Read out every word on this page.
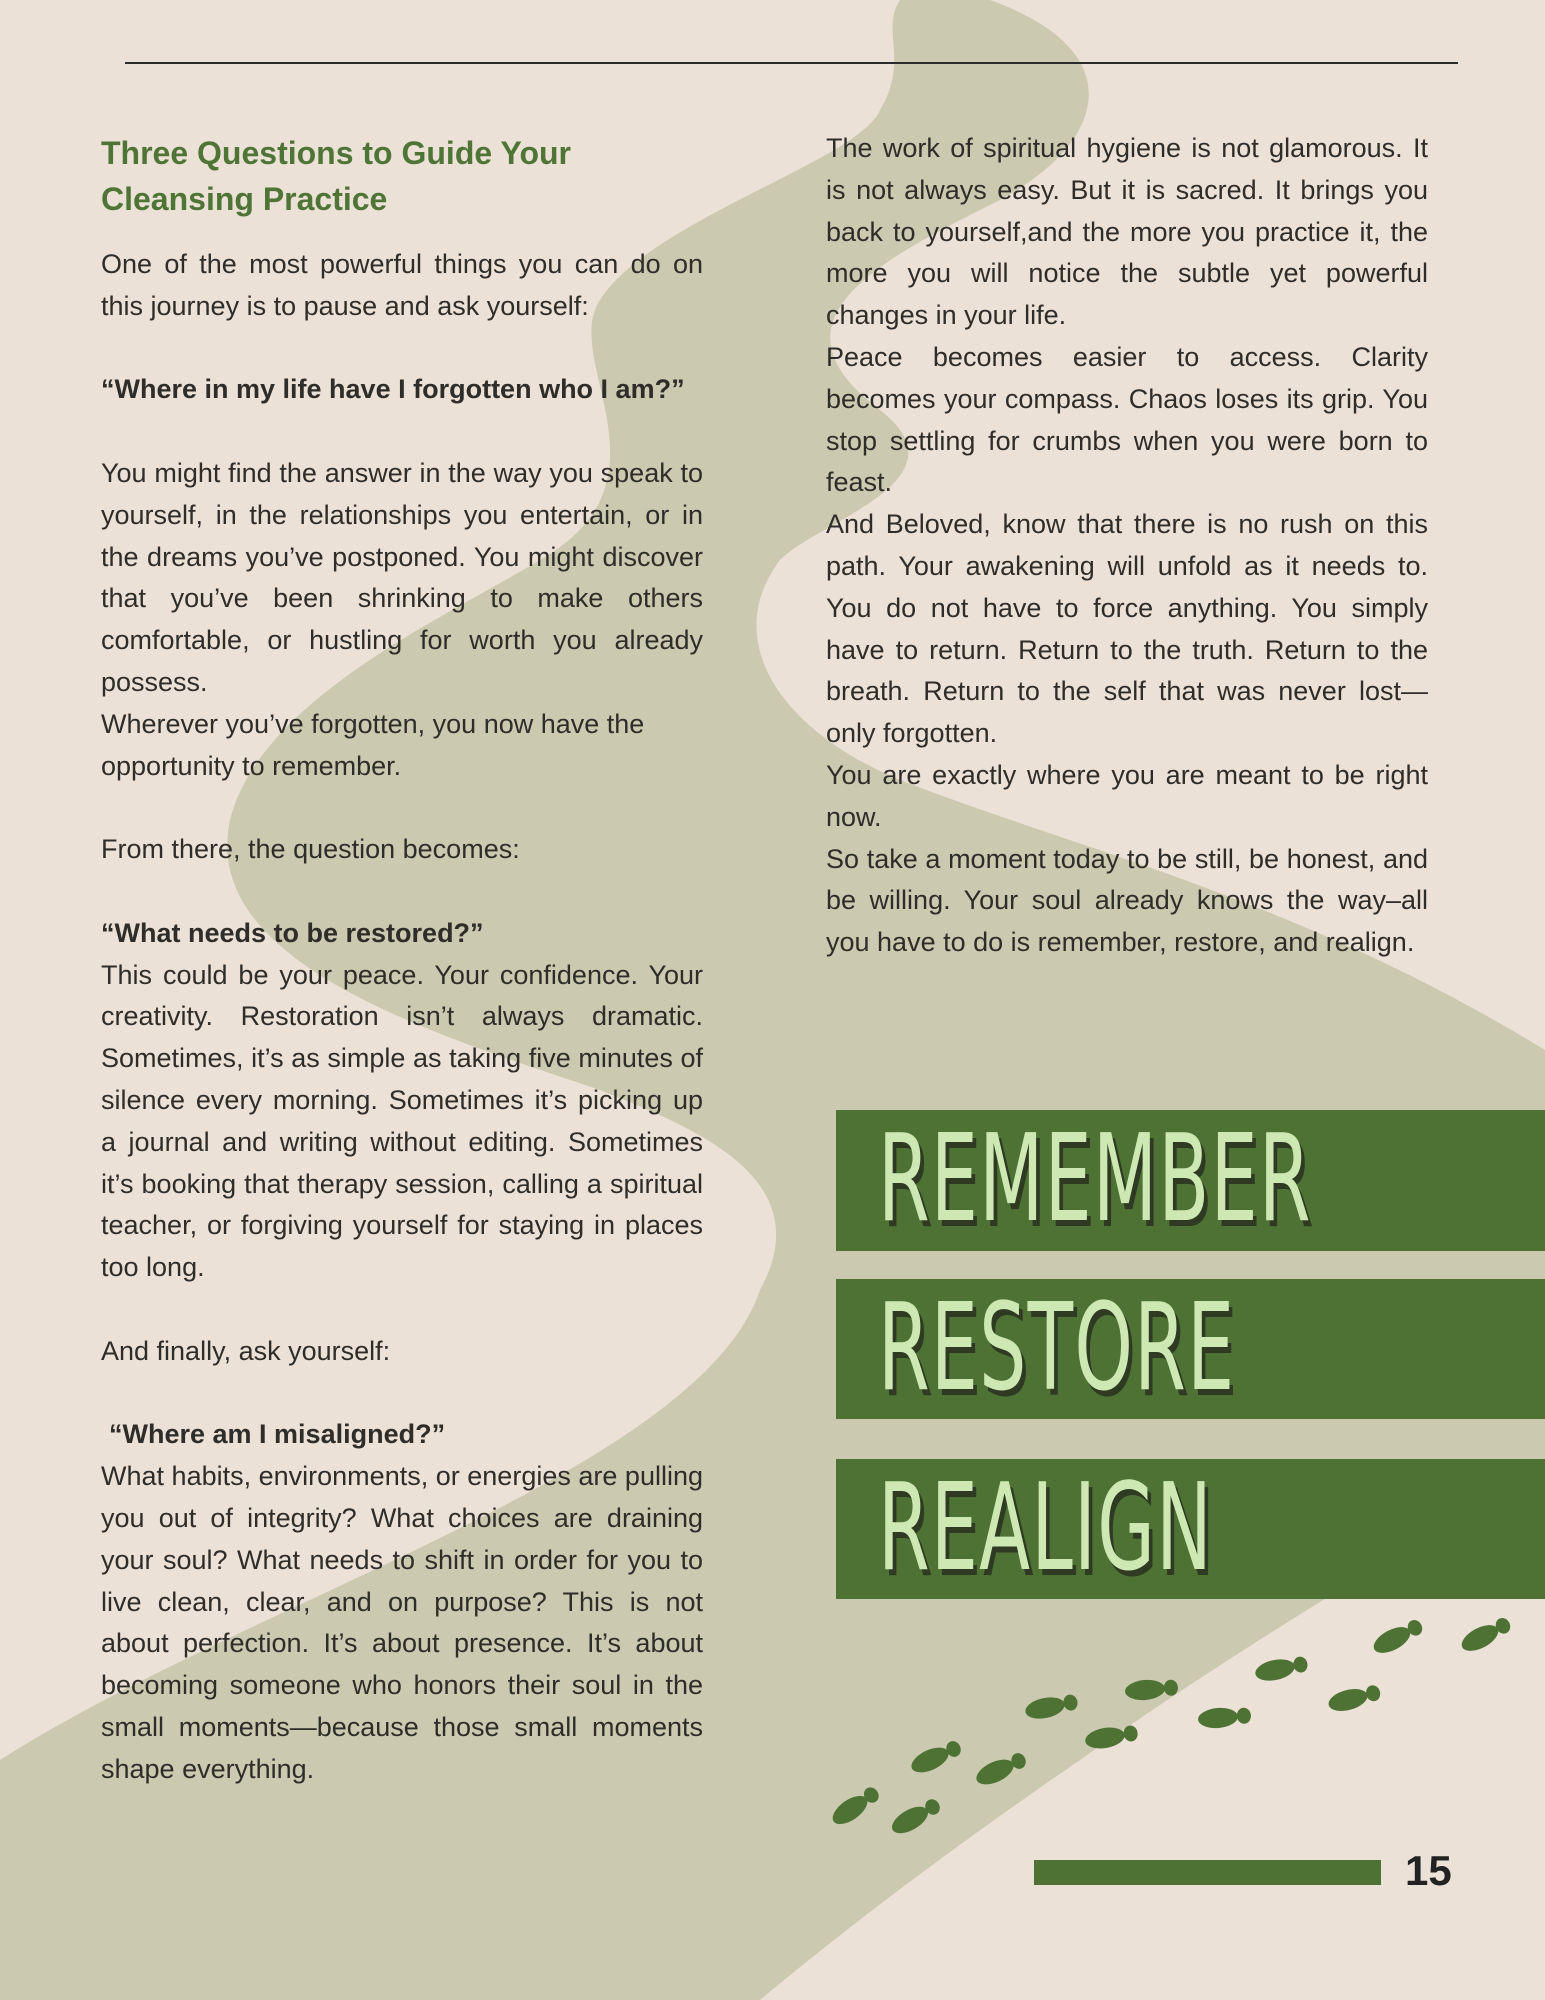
Three Questions to Guide Your Cleansing Practice

One of the most powerful things you can do on this journey is to pause and ask yourself:

“Where in my life have I forgotten who I am?”

You might find the answer in the way you speak to yourself, in the relationships you entertain, or in the dreams you’ve postponed. You might discover that you’ve been shrinking to make others comfortable, or hustling for worth you already possess.

Wherever you’ve forgotten, you now have the opportunity to remember.

From there, the question becomes:

“What needs to be restored?”

This could be your peace. Your confidence. Your creativity. Restoration isn’t always dramatic. Sometimes, it’s as simple as taking five minutes of silence every morning. Sometimes it’s picking up a journal and writing without editing. Sometimes it’s booking that therapy session, calling a spiritual teacher, or forgiving yourself for staying in places too long.

And finally, ask yourself:

“Where am I misaligned?”

What habits, environments, or energies are pulling you out of integrity? What choices are draining your soul? What needs to shift in order for you to live clean, clear, and on purpose? This is not about perfection. It’s about presence. It’s about becoming someone who honors their soul in the small moments—because those small moments shape everything.

The work of spiritual hygiene is not glamorous. It is not always easy. But it is sacred. It brings you back to yourself,and the more you practice it, the more you will notice the subtle yet powerful changes in your life.

Peace becomes easier to access. Clarity becomes your compass. Chaos loses its grip. You stop settling for crumbs when you were born to feast.

And Beloved, know that there is no rush on this path. Your awakening will unfold as it needs to. You do not have to force anything. You simply have to return. Return to the truth. Return to the breath. Return to the self that was never lost—only forgotten.

You are exactly where you are meant to be right now.

So take a moment today to be still, be honest, and be willing. Your soul already knows the way–all you have to do is remember, restore, and realign.

REMEMBER
RESTORE
REALIGN
15
